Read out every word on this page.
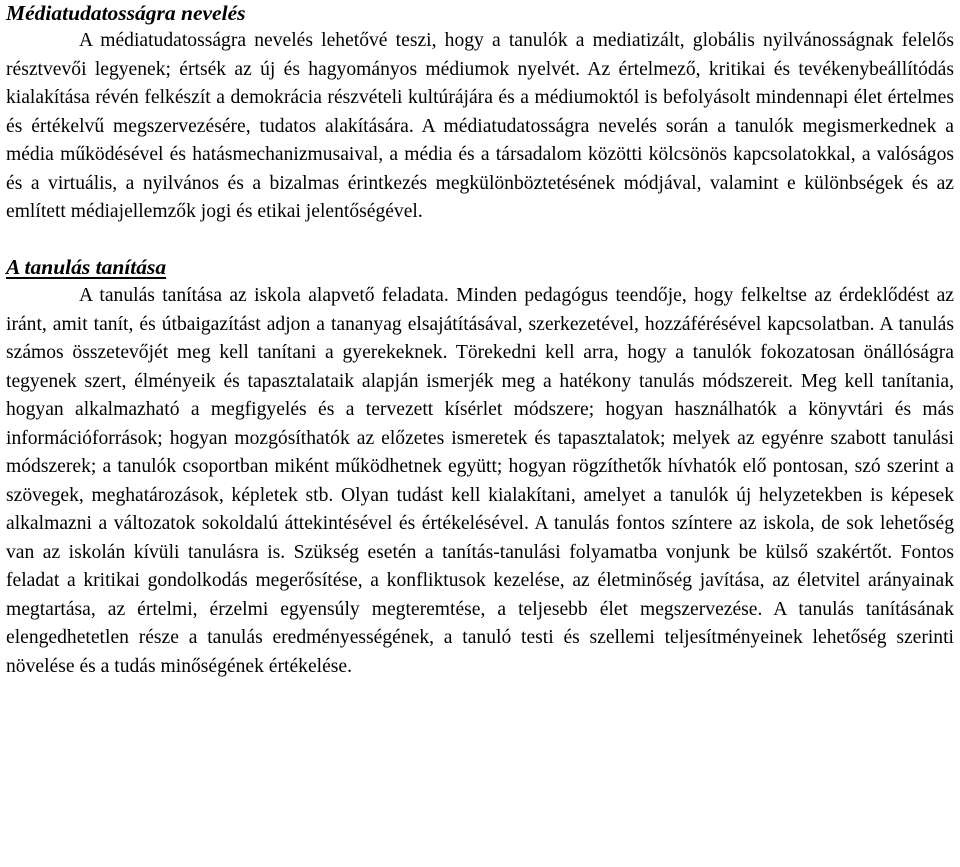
Médiatudatosságra nevelés

A médiatudatosságra nevelés lehetővé teszi, hogy a tanulók a mediatizált, globális nyilvánosságnak felelős résztvevői legyenek; értsék az új és hagyományos médiumok nyelvét. Az értelmező, kritikai és tevékenybeállítódás kialakítása révén felkészít a demokrácia részvételi kultúrájára és a médiumoktól is befolyásolt mindennapi élet értelmes és értékelvű megszervezésére, tudatos alakítására. A médiatudatosságra nevelés során a tanulók megismerkednek a média működésével és hatásmechanizmusaival, a média és a társadalom közötti kölcsönös kapcsolatokkal, a valóságos és a virtuális, a nyilvános és a bizalmas érintkezés megkülönböztetésének módjával, valamint e különbségek és az említett médiajellemzők jogi és etikai jelentőségével.

A tanulás tanítása

A tanulás tanítása az iskola alapvető feladata. Minden pedagógus teendője, hogy felkeltse az érdeklődést az iránt, amit tanít, és útbaigazítást adjon a tananyag elsajátításával, szerkezetével, hozzáférésével kapcsolatban. A tanulás számos összetevőjét meg kell tanítani a gyerekeknek. Törekedni kell arra, hogy a tanulók fokozatosan önállóságra tegyenek szert, élményeik és tapasztalataik alapján ismerjék meg a hatékony tanulás módszereit. Meg kell tanítania, hogyan alkalmazható a megfigyelés és a tervezett kísérlet módszere; hogyan használhatók a könyvtári és más információforrások; hogyan mozgósíthatók az előzetes ismeretek és tapasztalatok; melyek az egyénre szabott tanulási módszerek; a tanulók csoportban miként működhetnek együtt; hogyan rögzíthetők hívhatók elő pontosan, szó szerint a szövegek, meghatározások, képletek stb. Olyan tudást kell kialakítani, amelyet a tanulók új helyzetekben is képesek alkalmazni a változatok sokoldalú áttekintésével és értékelésével. A tanulás fontos színtere az iskola, de sok lehetőség van az iskolán kívüli tanulásra is. Szükség esetén a tanítás-tanulási folyamatba vonjunk be külső szakértőt. Fontos feladat a kritikai gondolkodás megerősítése, a konfliktusok kezelése, az életminőség javítása, az életvitel arányainak megtartása, az értelmi, érzelmi egyensúly megteremtése, a teljesebb élet megszervezése. A tanulás tanításának elengedhetetlen része a tanulás eredményességének, a tanuló testi és szellemi teljesítményeinek lehetőség szerinti növelése és a tudás minőségének értékelése.
